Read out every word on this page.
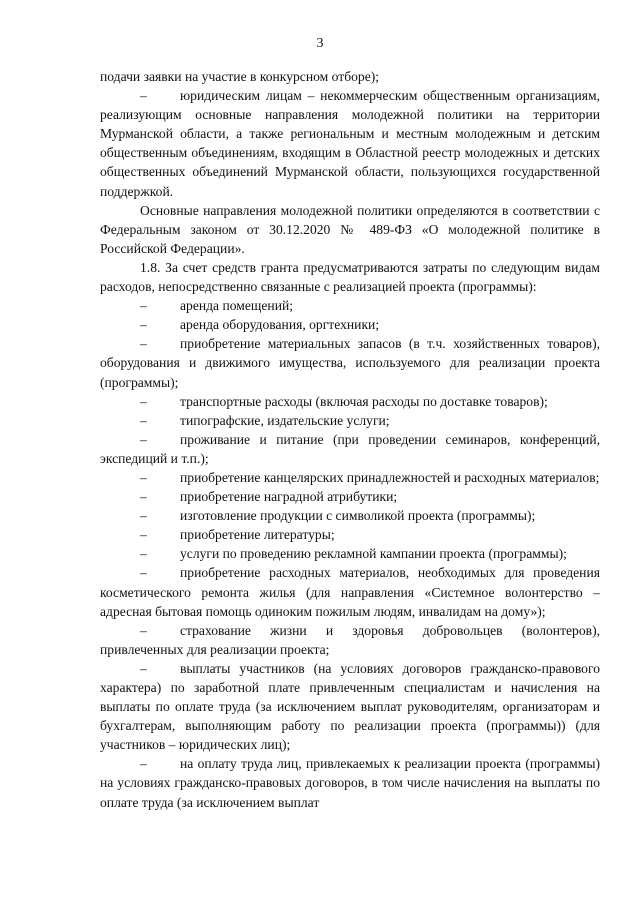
3

подачи заявки на участие в конкурсном отборе);

– юридическим лицам – некоммерческим общественным организациям, реализующим основные направления молодежной политики на территории Мурманской области, а также региональным и местным молодежным и детским общественным объединениям, входящим в Областной реестр молодежных и детских общественных объединений Мурманской области, пользующихся государственной поддержкой.

Основные направления молодежной политики определяются в соответствии с Федеральным законом от 30.12.2020 № 489-ФЗ «О молодежной политике в Российской Федерации».

1.8. За счет средств гранта предусматриваются затраты по следующим видам расходов, непосредственно связанные с реализацией проекта (программы):

– аренда помещений;

– аренда оборудования, оргтехники;

– приобретение материальных запасов (в т.ч. хозяйственных товаров), оборудования и движимого имущества, используемого для реализации проекта (программы);

– транспортные расходы (включая расходы по доставке товаров);

– типографские, издательские услуги;

– проживание и питание (при проведении семинаров, конференций, экспедиций и т.п.);

– приобретение канцелярских принадлежностей и расходных материалов;

– приобретение наградной атрибутики;

– изготовление продукции с символикой проекта (программы);

– приобретение литературы;

– услуги по проведению рекламной кампании проекта (программы);

– приобретение расходных материалов, необходимых для проведения косметического ремонта жилья (для направления «Системное волонтерство – адресная бытовая помощь одиноким пожилым людям, инвалидам на дому»);

– страхование жизни и здоровья добровольцев (волонтеров), привлеченных для реализации проекта;

– выплаты участников (на условиях договоров гражданско-правового характера) по заработной плате привлеченным специалистам и начисления на выплаты по оплате труда (за исключением выплат руководителям, организаторам и бухгалтерам, выполняющим работу по реализации проекта (программы)) (для участников – юридических лиц);

– на оплату труда лиц, привлекаемых к реализации проекта (программы) на условиях гражданско-правовых договоров, в том числе начисления на выплаты по оплате труда (за исключением выплат
